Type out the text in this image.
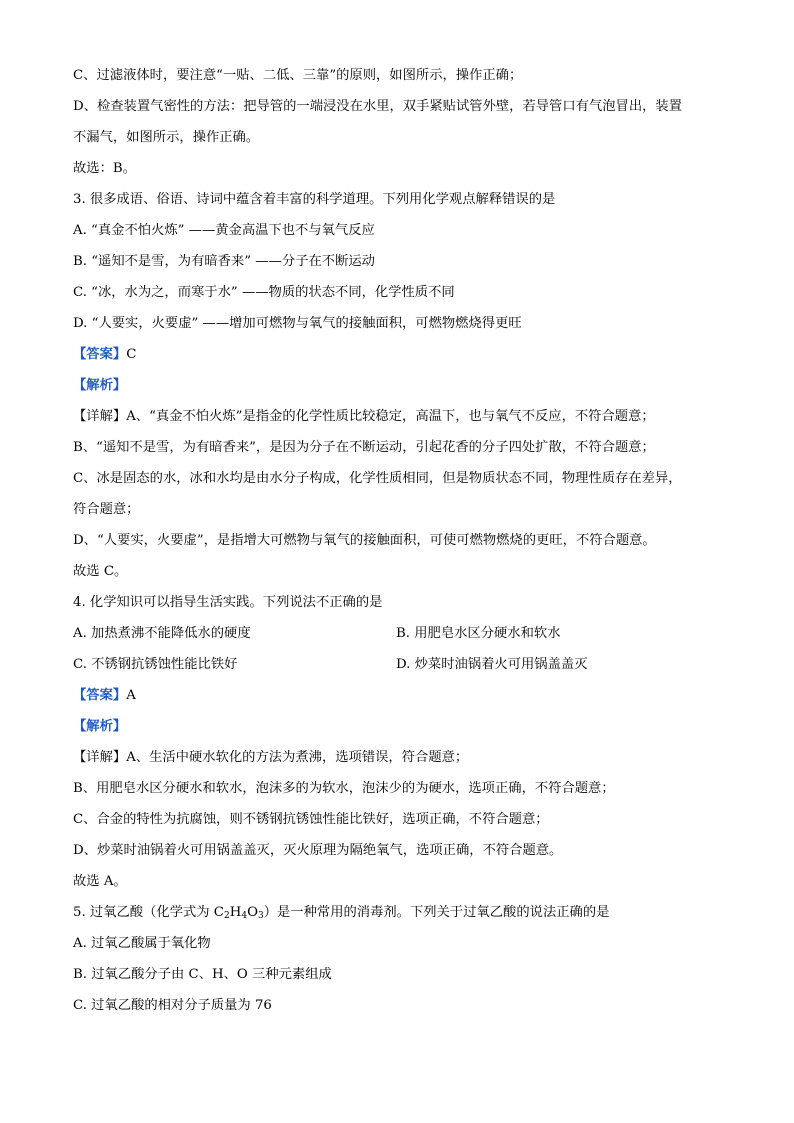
C、过滤液体时，要注意“一贴、二低、三靠”的原则，如图所示，操作正确；
D、检查装置气密性的方法：把导管的一端浸没在水里，双手紧贴试管外壁，若导管口有气泡冒出，装置
不漏气，如图所示，操作正确。
故选：B。
3. 很多成语、俗语、诗词中蕴含着丰富的科学道理。下列用化学观点解释错误的是
A. “真金不怕火炼” ——黄金高温下也不与氧气反应
B. “遥知不是雪，为有暗香来” ——分子在不断运动
C. “冰，水为之，而寒于水” ——物质的状态不同，化学性质不同
D. “人要实，火要虚” ——增加可燃物与氧气的接触面积，可燃物燃烧得更旺
【答案】C
【解析】
【详解】A、“真金不怕火炼”是指金的化学性质比较稳定，高温下，也与氧气不反应，不符合题意；
B、“遥知不是雪，为有暗香来”，是因为分子在不断运动，引起花香的分子四处扩散，不符合题意；
C、冰是固态的水，冰和水均是由水分子构成，化学性质相同，但是物质状态不同，物理性质存在差异，
符合题意；
D、“人要实，火要虚”，是指增大可燃物与氧气的接触面积，可使可燃物燃烧的更旺，不符合题意。
故选 C。
4. 化学知识可以指导生活实践。下列说法不正确的是
A. 加热煮沸不能降低水的硬度	B. 用肥皂水区分硬水和软水
C. 不锈钢抗锈蚀性能比铁好	D. 炒菜时油锅着火可用锅盖盖灭
【答案】A
【解析】
【详解】A、生活中硬水软化的方法为煮沸，选项错误，符合题意；
B、用肥皂水区分硬水和软水，泡沫多的为软水，泡沫少的为硬水，选项正确，不符合题意；
C、合金的特性为抗腐蚀，则不锈钢抗锈蚀性能比铁好，选项正确，不符合题意；
D、炒菜时油锅着火可用锅盖盖灭，灭火原理为隔绝氧气，选项正确，不符合题意。
故选 A。
5. 过氧乙酸（化学式为 $C_2H_4O_3$）是一种常用的消毒剂。下列关于过氧乙酸的说法正确的是
A. 过氧乙酸属于氧化物
B. 过氧乙酸分子由 C、H、O 三种元素组成
C. 过氧乙酸的相对分子质量为 76
